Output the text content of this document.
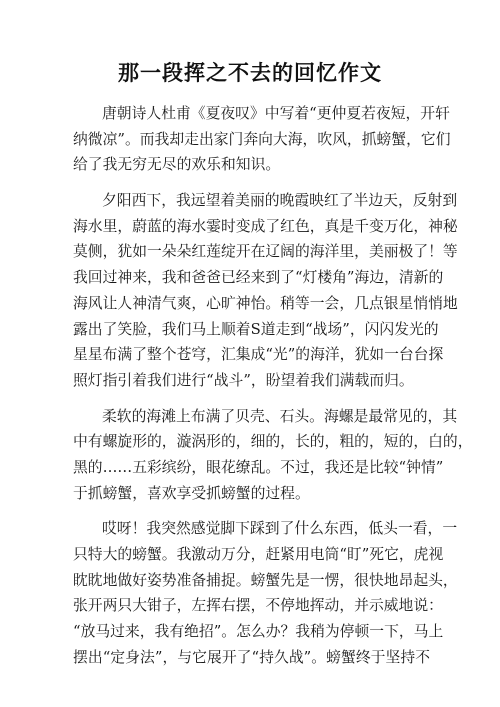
那一段挥之不去的回忆作文
唐朝诗人杜甫《夏夜叹》中写着“更仲夏若夜短，开轩
纳微凉”。而我却走出家门奔向大海，吹风，抓螃蟹，它们
给了我无穷无尽的欢乐和知识。
夕阳西下，我远望着美丽的晚霞映红了半边天，反射到
海水里，蔚蓝的海水霎时变成了红色，真是千变万化，神秘
莫侧，犹如一朵朵红莲绽开在辽阔的海洋里，美丽极了！等
我回过神来，我和爸爸已经来到了“灯楼角”海边，清新的
海风让人神清气爽，心旷神怡。稍等一会，几点银星悄悄地
露出了笑脸，我们马上顺着S道走到“战场”，闪闪发光的
星星布满了整个苍穹，汇集成“光”的海洋，犹如一台台探
照灯指引着我们进行“战斗”，盼望着我们满载而归。
柔软的海滩上布满了贝壳、石头。海螺是最常见的，其
中有螺旋形的，漩涡形的，细的，长的，粗的，短的，白的，
黑的……五彩缤纷，眼花缭乱。不过，我还是比较“钟情”
于抓螃蟹，喜欢享受抓螃蟹的过程。
哎呀！我突然感觉脚下踩到了什么东西，低头一看，一
只特大的螃蟹。我激动万分，赶紧用电筒“盯”死它，虎视
眈眈地做好姿势准备捕捉。螃蟹先是一愣，很快地昂起头，
张开两只大钳子，左挥右摆，不停地挥动，并示威地说：
“放马过来，我有绝招”。怎么办？我稍为停顿一下，马上
摆出“定身法”，与它展开了“持久战”。螃蟹终于坚持不
